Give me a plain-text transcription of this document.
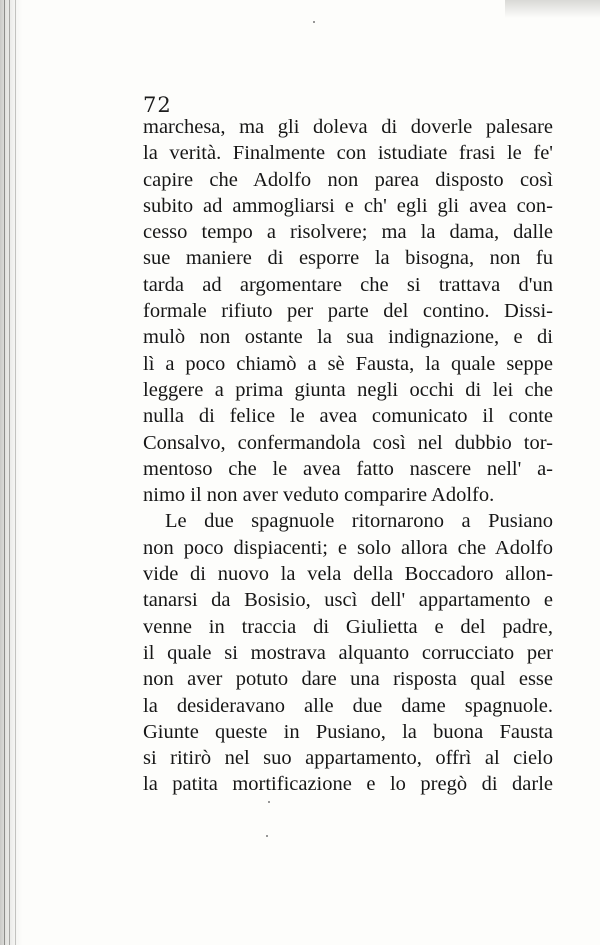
72
marchesa, ma gli doleva di doverle palesare
la verità. Finalmente con istudiate frasi le fe'
capire che Adolfo non parea disposto così
subito ad ammogliarsi e ch' egli gli avea con-
cesso tempo a risolvere; ma la dama, dalle
sue maniere di esporre la bisogna, non fu
tarda ad argomentare che si trattava d'un
formale rifiuto per parte del contino. Dissi-
mulò non ostante la sua indignazione, e di
lì a poco chiamò a sè Fausta, la quale seppe
leggere a prima giunta negli occhi di lei che
nulla di felice le avea comunicato il conte
Consalvo, confermandola così nel dubbio tor-
mentoso che le avea fatto nascere nell' a-
nimo il non aver veduto comparire Adolfo.
Le due spagnuole ritornarono a Pusiano
non poco dispiacenti; e solo allora che Adolfo
vide di nuovo la vela della Boccadoro allon-
tanarsi da Bosisio, uscì dell' appartamento e
venne in traccia di Giulietta e del padre,
il quale si mostrava alquanto corrucciato per
non aver potuto dare una risposta qual esse
la desideravano alle due dame spagnuole.
Giunte queste in Pusiano, la buona Fausta
si ritirò nel suo appartamento, offrì al cielo
la patita mortificazione e lo pregò di darle
